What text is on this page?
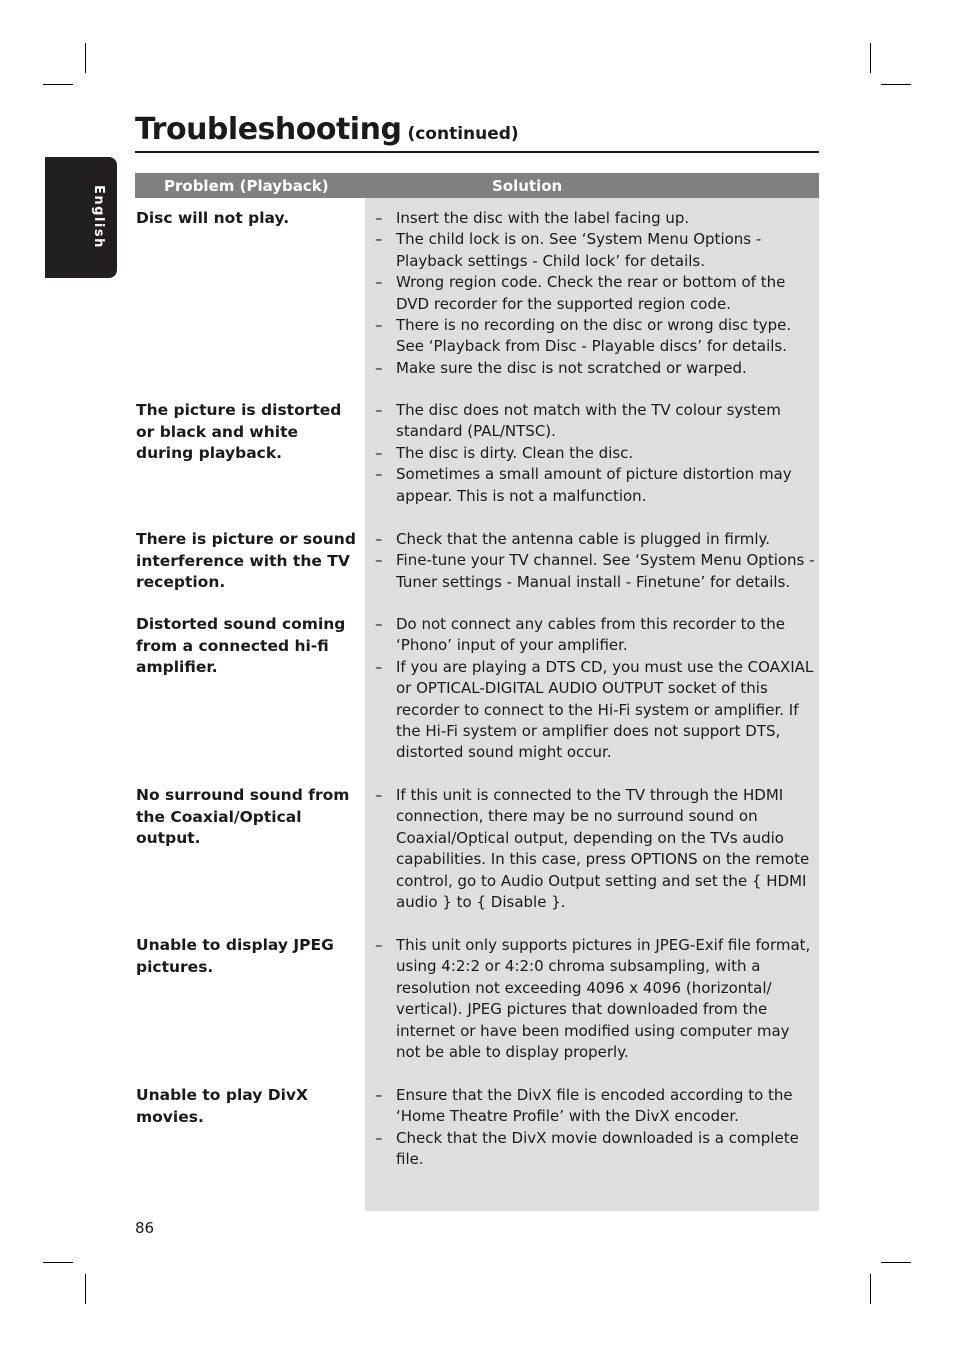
Troubleshooting (continued)
English	Problem (Playback)	Solution
Disc will not play.
–	Insert the disc with the label facing up.
– The child lock is on. See ‘System Menu Options - Playback settings - Child lock’ for details.
– Wrong region code. Check the rear or bottom of the DVD recorder for the supported region code.
– There is no recording on the disc or wrong disc type. See ‘Playback from Disc - Playable discs’ for details.
– Make sure the disc is not scratched or warped.
The picture is distorted or black and white during playback.
– The disc does not match with the TV colour system standard (PAL/NTSC).
– The disc is dirty. Clean the disc.
– Sometimes a small amount of picture distortion may appear. This is not a malfunction.
There is picture or sound interference with the TV reception.
– Check that the antenna cable is plugged in firmly.
– Fine-tune your TV channel. See ‘System Menu Options - Tuner settings - Manual install - Finetune’ for details.
Distorted sound coming from a connected hi-fi amplifier.
– Do not connect any cables from this recorder to the ‘Phono’ input of your amplifier.
– If you are playing a DTS CD, you must use the COAXIAL or OPTICAL-DIGITAL AUDIO OUTPUT socket of this recorder to connect to the Hi-Fi system or amplifier. If the Hi-Fi system or amplifier does not support DTS, distorted sound might occur.
No surround sound from the Coaxial/Optical output.
– If this unit is connected to the TV through the HDMI connection, there may be no surround sound on Coaxial/Optical output, depending on the TVs audio capabilities. In this case, press OPTIONS on the remote control, go to Audio Output setting and set the { HDMI audio } to { Disable }.
Unable to display JPEG pictures.
– This unit only supports pictures in JPEG-Exif file format, using 4:2:2 or 4:2:0 chroma subsampling, with a resolution not exceeding 4096 x 4096 (horizontal/ vertical). JPEG pictures that downloaded from the internet or have been modified using computer may not be able to display properly.
Unable to play DivX movies.
– Ensure that the DivX file is encoded according to the ‘Home Theatre Profile’ with the DivX encoder.
– Check that the DivX movie downloaded is a complete file.
86
